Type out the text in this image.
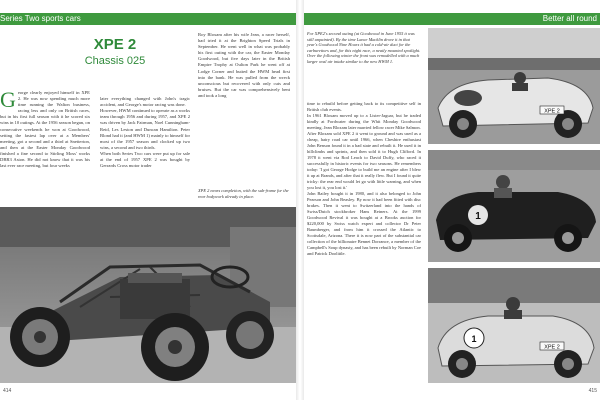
Series Two sports cars	Better all round
XPE 2
Chassis 025
George clearly enjoyed himself in XPE 2. He was now spending much more time running the Walton business, racing less and only on British races, but in his first full season with it he scored six wins in 10 outings. At the 1956 season began, on consecutive weekends he won at Goodwood, setting the fastest lap over at a Members' meeting, got a second and a third at Snetterton, and then at the Easter Monday Goodwood finished a fine second to Stirling Moss' works DBR3 Aston. He did not know that it was his last ever race meeting, but four weeks

later everything changed with John's tragic accident, and George's motor racing was done.
However, HWM continued to operate as a works team through 1956 and during 1957, and XPE 2 was driven by Jack Fairman, Noel Cunningham-Reid, Les Leston and Duncan Hamilton. Peter Blond had it (and HWM 1) mainly to himself for most of the 1957 season and clocked up two wins, a second and two thirds.
When both Series Two cars were put up for sale at the end of 1957 XPE 2 was bought by Gerrards Cross motor trader

Roy Bloxam after his wife Jean, a racer herself, had tried it at the Brighton Speed Trials in September. He went well in what was probably his first outing with the car, the Easter Monday Goodwood, but five days later in the British Empire Trophy at Oulton Park he went off at Lodge Corner and butted the HWM head first into the bank. He was pulled from the wreck unconscious but recovered with only cuts and bruises. But the car was comprehensively bent and took a long
XPE 2 nears completion, with the sub-frame for the rear bodywork already in place.
414
For XPE2's second outing (at Goodwood in June 1955 it was still unpainted). By the time Lance Macklin drove it in that year's Goodwood Nine Hours it had a cold-air duct for the carburettors and, for this night race, a neatly mounted spotlight. Over the following winter the front was remodelled with a much larger oval air intake similar to the new HWM 1.

time to rebuild before getting back to its competitive self in British club events.
In 1961 Bloxam moved up to a Lister-Jaguar, but he traded kindly at Fordwater during the Whit Monday Goodwood meeting. Jean Bloxam later married fellow racer Mike Salmon.
After Bloxam sold XPE 2 it went to ground and was used as a cheap, hairy road car until 1966, when Cheshire enthusiast John Benson found it in a bad state and rebuilt it. He used it in hillclimbs and sprints, and then sold it to Hugh Clifford. In 1978 it went via Rod Leach to David Duffy, who raced it successfully in historic events for two seasons. He remembers today: 'I got George Hodge to build me an engine after I blew it up at Brands, and after that it really flew. But I found it quite tricky: the rear end would let go with little warning, and when you lost it, you lost it.'
John Bailey bought it in 1980, and it also belonged to John Pearson and John Beasley. By now it had been fitted with disc brakes. Then it went to Switzerland into the hands of Swiss/Dutch stockbroker Hans Reiners. At the 1999 Goodwood Revival it was bought at a Brooks auction for $220,000 by Swiss watch expert and collector Dr Peter Baumberger, and from him it crossed the Atlantic to Scottsdale, Arizona. There it is now part of the substantial car collection of the billionaire Bennet Dorrance, a member of the Campbell's Soup dynasty, and has been rebuilt by Norman Coe and Patrick Doolittle.

XPE 2
1
1
XPE 2
415
